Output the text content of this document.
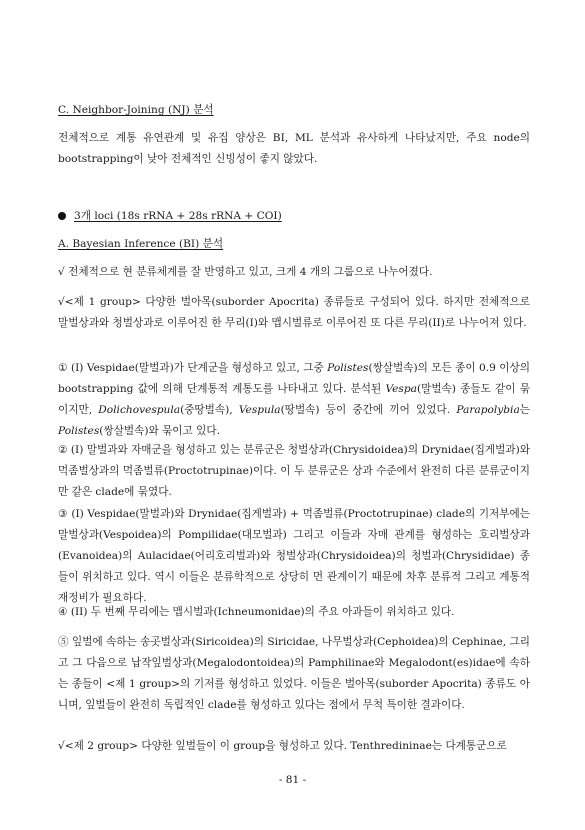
C. Neighbor-Joining (NJ) 분석

전체적으로 계통 유연관계 및 유집 양상은 BI, ML 분석과 유사하게 나타났지만, 주요 node의 bootstrapping이 낮아 전체적인 신빙성이 좋지 않았다.

3개 loci (18s rRNA + 28s rRNA + COI)

A. Bayesian Inference (BI) 분석

√ 전체적으로 현 분류체계를 잘 반영하고 있고, 크게 4 개의 그룹으로 나누어졌다.

√<제 1 group> 다양한 벌아목(suborder Apocrita) 종류들로 구성되어 있다. 하지만 전체적으로 말벌상과와 청벌상과로 이루어진 한 무리(I)와 맵시벌류로 이루어진 또 다른 무리(II)로 나누어져 있다.

① (I) Vespidae(말벌과)가 단계군을 형성하고 있고, 그중 Polistes(쌍살벌속)의 모든 종이 0.9 이상의 bootstrapping 값에 의해 단계통적 계통도를 나타내고 있다. 분석된 Vespa(말벌속) 종들도 같이 묶이지만, Dolichovespula(중땅벌속), Vespula(땅벌속) 등이 중간에 끼어 있었다. Parapolybia는 Polistes(쌍살벌속)와 묶이고 있다.

② (I) 말벌과와 자매군을 형성하고 있는 분류군은 청벌상과(Chrysidoidea)의 Drynidae(집게벌과)와 먹좀벌상과의 먹좀벌류(Proctotrupinae)이다. 이 두 분류군은 상과 수준에서 완전히 다른 분류군이지만 같은 clade에 묶였다.

③ (I) Vespidae(말벌과)와 Drynidae(집게벌과) + 먹좀벌류(Proctotrupinae) clade의 기저부에는 말벌상과(Vespoidea)의 Pompilidae(대모벌과) 그리고 이들과 자매 관계를 형성하는 호리벌상과(Evanoidea)의 Aulacidae(어리호리벌과)와 청벌상과(Chrysidoidea)의 청벌과(Chrysididae) 종들이 위치하고 있다. 역시 이들은 분류학적으로 상당히 먼 관계이기 때문에 차후 분류적 그리고 계통적 재정비가 필요하다.

④ (II) 두 번째 무리에는 맵시벌과(Ichneumonidae)의 주요 아과들이 위치하고 있다.

⑤ 잎벌에 속하는 송곳벌상과(Siricoidea)의 Siricidae, 나무벌상과(Cephoidea)의 Cephinae, 그리고 그 다음으로 납작잎벌상과(Megalodontoidea)의 Pamphilinae와 Megalodont(es)idae에 속하는 종들이 <제 1 group>의 기저를 형성하고 있었다. 이들은 벌아목(suborder Apocrita) 종류도 아니며, 잎벌들이 완전히 독립적인 clade를 형성하고 있다는 점에서 무척 특이한 결과이다.

√<제 2 group> 다양한 잎벌들이 이 group을 형성하고 있다. Tenthredininae는 다계통군으로

- 81 -
